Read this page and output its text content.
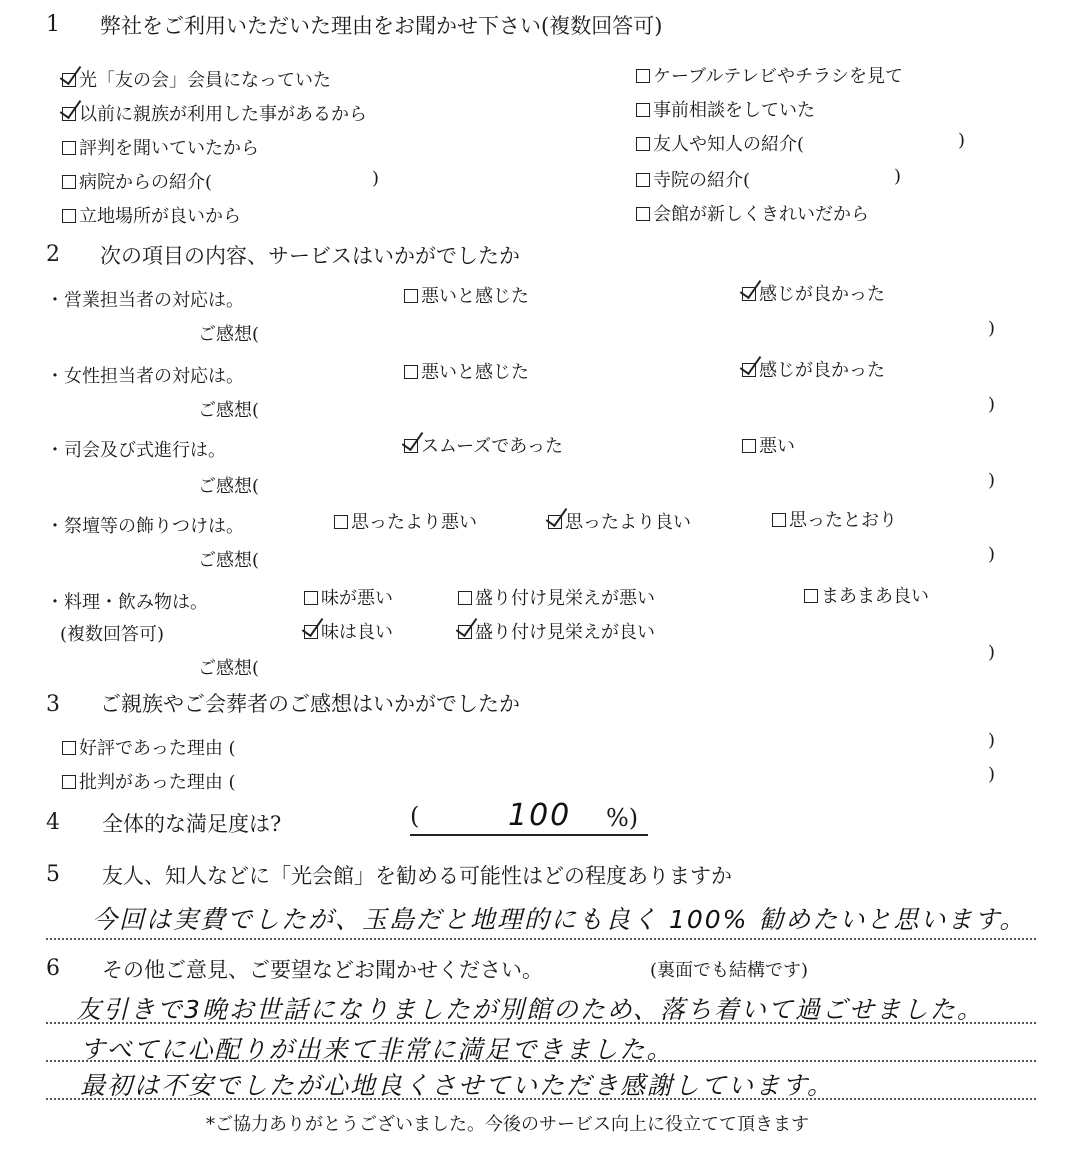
1 弊社をご利用いただいた理由をお聞かせ下さい(複数回答可)
光「友の会」会員になっていた
以前に親族が利用した事があるから
評判を聞いていたから
病院からの紹介(	)
立地場所が良いから
ケーブルテレビやチラシを見て
事前相談をしていた
友人や知人の紹介(	)
寺院の紹介(	)
会館が新しくきれいだから
2 次の項目の内容、サービスはいかがでしたか
・営業担当者の対応は。	悪いと感じた	感じが良かった
ご感想(	)
・女性担当者の対応は。	悪いと感じた	感じが良かった
ご感想(	)
・司会及び式進行は。	スムーズであった	悪い
ご感想(	)
・祭壇等の飾りつけは。	思ったより悪い	思ったより良い	思ったとおり
ご感想(	)
・料理・飲み物は。	味が悪い	盛り付け見栄えが悪い	まあまあ良い
(複数回答可)	味は良い	盛り付け見栄えが良い
ご感想(
)
3 ご親族やご会葬者のご感想はいかがでしたか
好評であった理由 (	)
批判があった理由 (	)
4 全体的な満足度は?	(	100 %)
5 友人、知人などに「光会館」を勧める可能性はどの程度ありますか
今回は実費でしたが、玉島だと地理的にも良く 100% 勧めたいと思います。
6 その他ご意見、ご要望などお聞かせください。	(裏面でも結構です)
友引きで3晩お世話になりましたが別館のため、落ち着いて過ごせました。
すべてに心配りが出来て非常に満足できました。
最初は不安でしたが心地良くさせていただき感謝しています。
*ご協力ありがとうございました。今後のサービス向上に役立てて頂きます
